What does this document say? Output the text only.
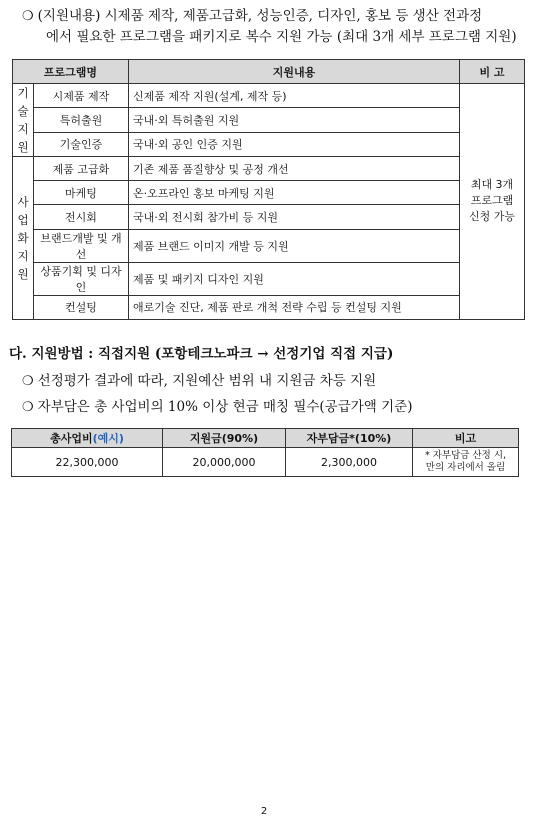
❍ (지원내용) 시제품 제작, 제품고급화, 성능인증, 디자인, 홍보 등 생산 전과정
에서 필요한 프로그램을 패키지로 복수 지원 가능 (최대 3개 세부 프로그램 지원)
프로그램명		지원내용	비 고

기
술
지
원	시제품 제작	신제품 제작 지원(설계, 제작 등)	최대 3개
프로그램
신청 가능

	특허출원	국내·외 특허출원 지원	
	기술인증	국내·외 공인 인증 지원	

사
업
화
지
원	제품 고급화	기존 제품 품질향상 및 공정 개선	
	마케팅	온·오프라인 홍보 마케팅 지원	
	전시회	국내·외 전시회 참가비 등 지원	
	브랜드개발 및 개선	제품 브랜드 이미지 개발 등 지원	
	상품기획 및 디자인	제품 및 패키지 디자인 지원	
	컨설팅	애로기술 진단, 제품 판로 개척 전략 수립 등 컨설팅 지원	
다. 지원방법 : 직접지원 (포항테크노파크 → 선정기업 직접 지급)
❍ 선정평가 결과에 따라, 지원예산 범위 내 지원금 차등 지원
❍ 자부담은 총 사업비의 10% 이상 현금 매칭 필수(공급가액 기준)
총사업비(예시)	지원금(90%)	자부담금*(10%)	비고
22,300,000	20,000,000	2,300,000	* 자부담금 산정 시,
만의 자리에서 올림
2
